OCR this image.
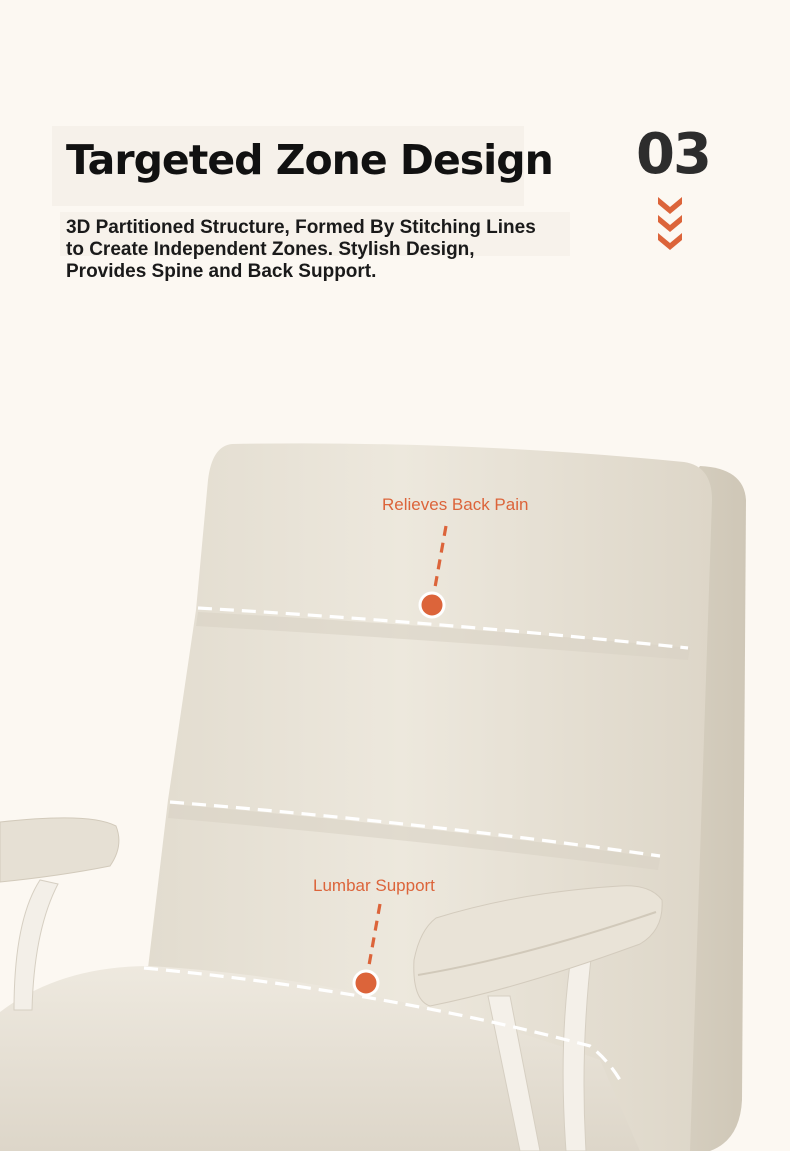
Targeted Zone Design

3D Partitioned Structure, Formed By Stitching Lines
to Create Independent Zones. Stylish Design,
Provides Spine and Back Support.

03
Relieves Back Pain
Lumbar Support
